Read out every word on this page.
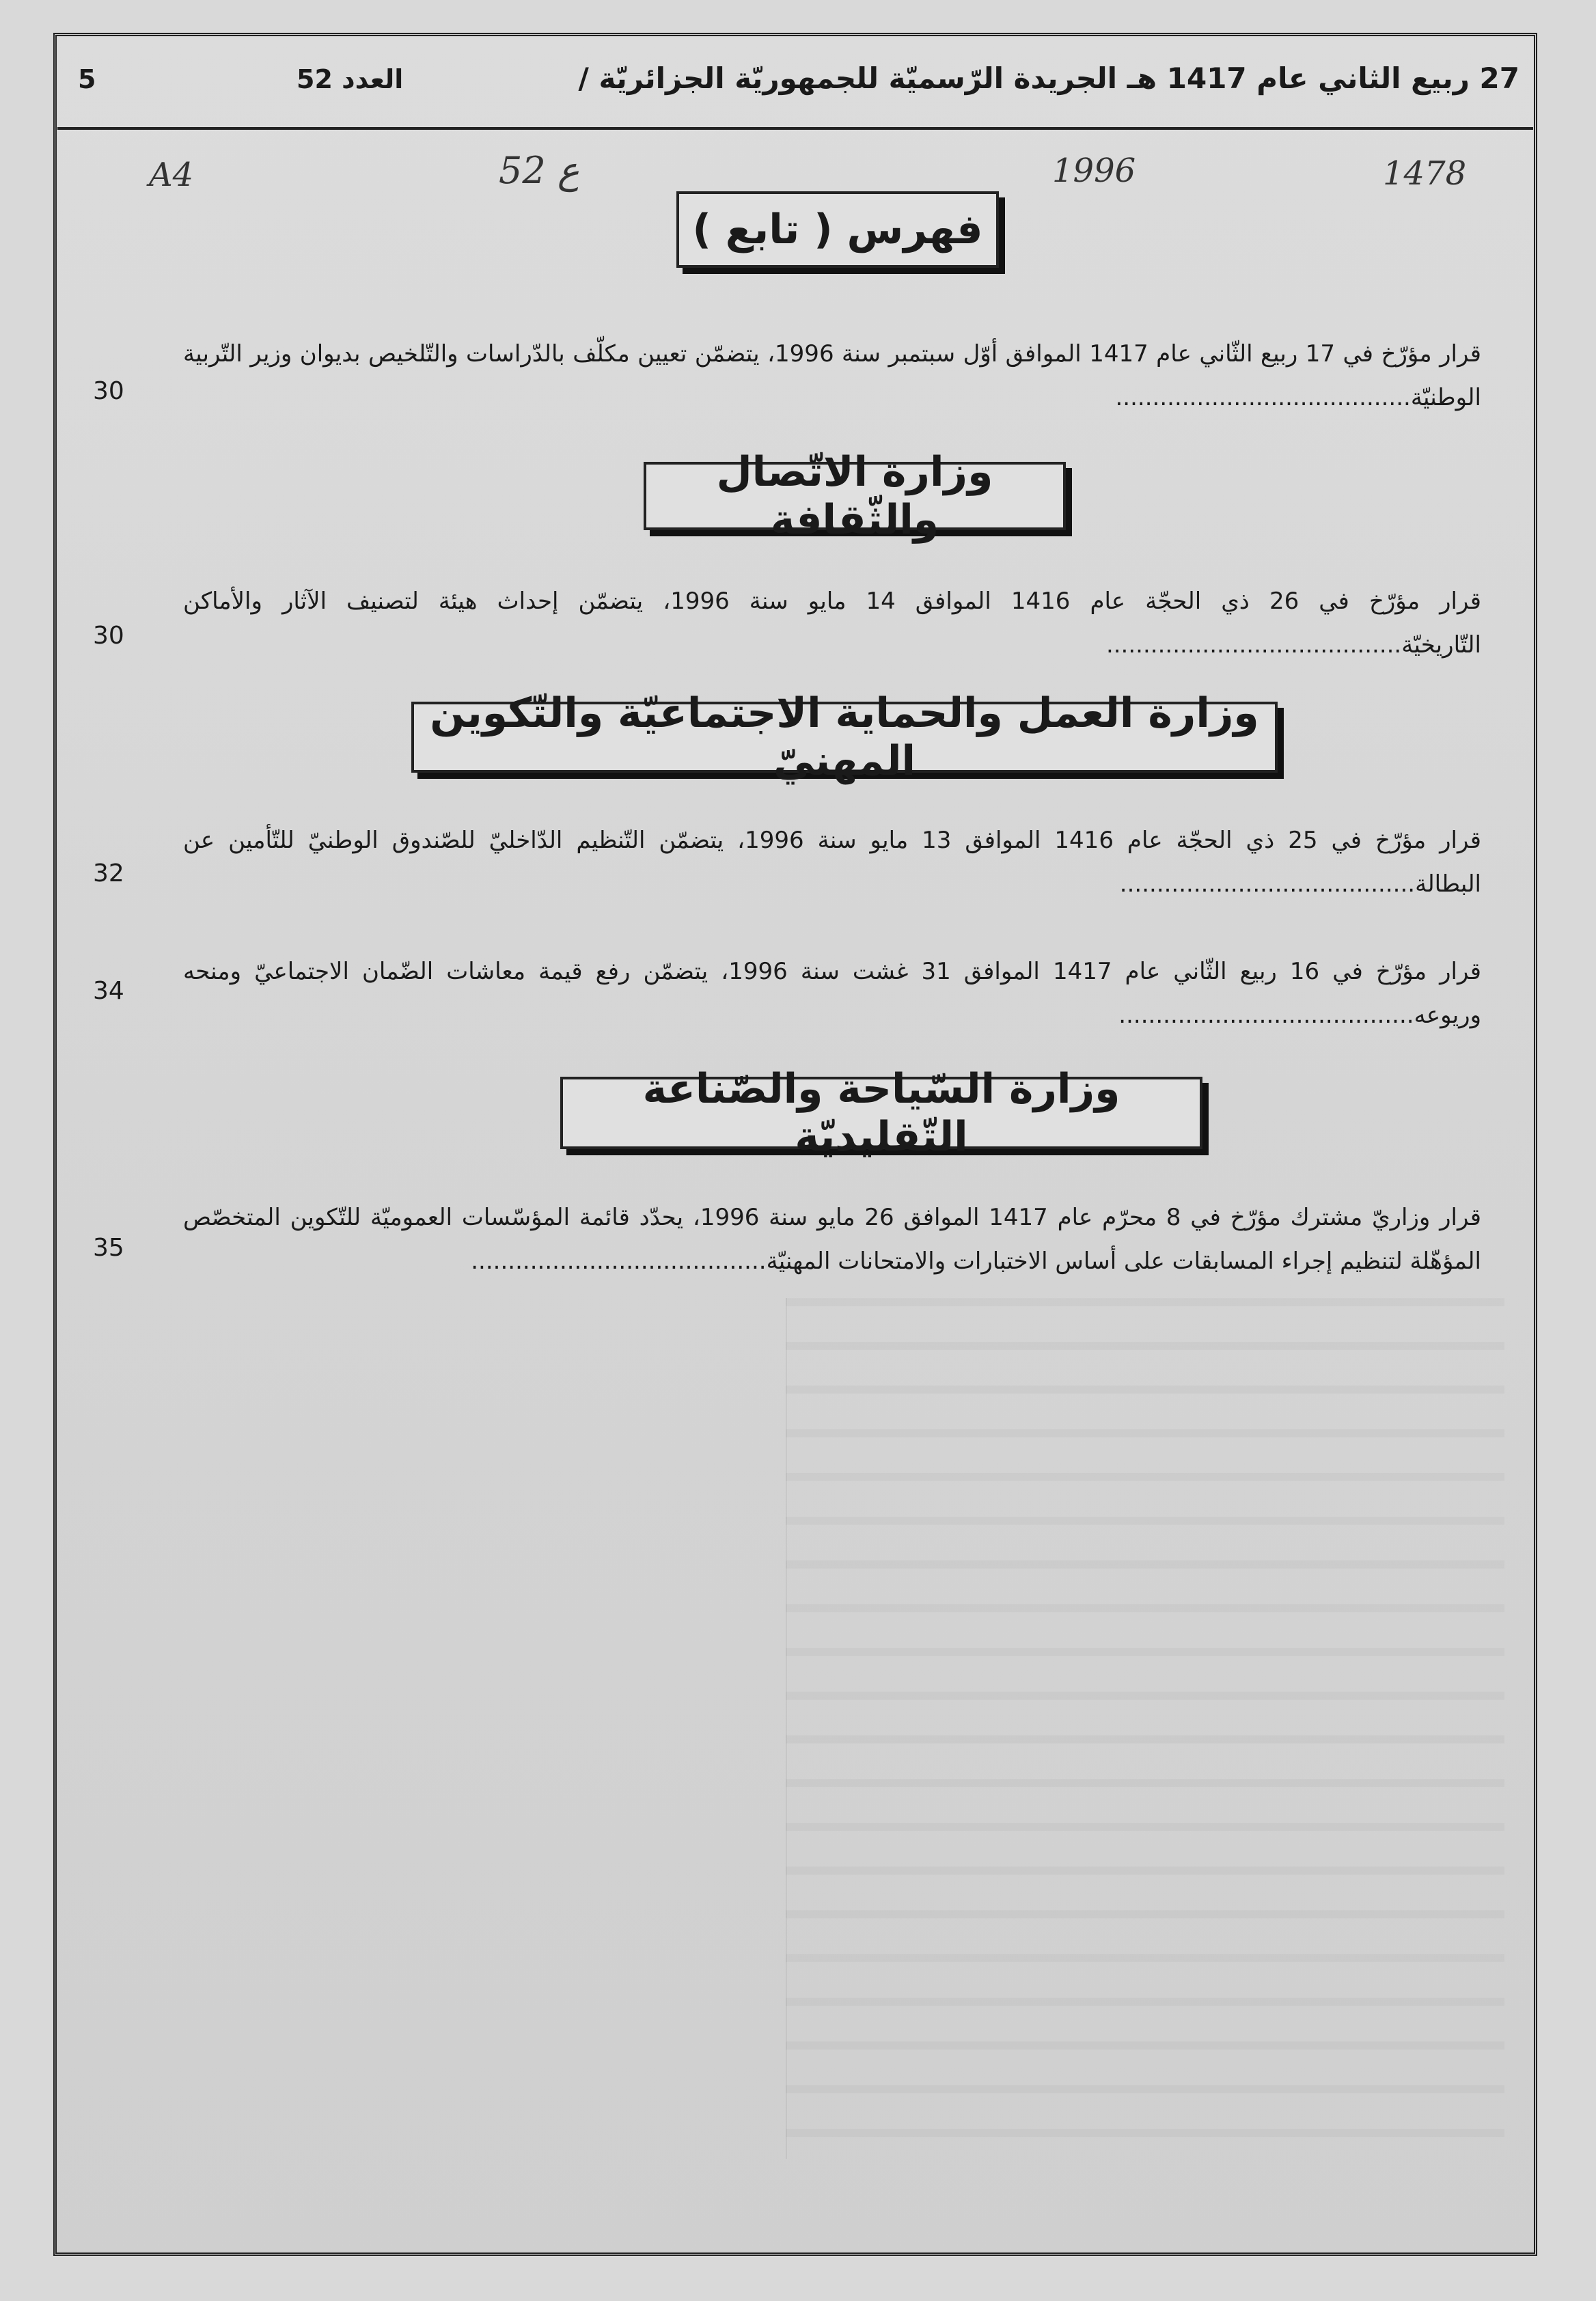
5	العدد 52	27 ربيع الثاني عام 1417 هـ الجريدة الرّسميّة للجمهوريّة الجزائريّة /
A4	ع 52	1996	1478
فهرس ( تابع )
قرار مؤرّخ في 17 ربيع الثّاني عام 1417 الموافق أوّل سبتمبر سنة 1996، يتضمّن تعيين مكلّف بالدّراسات والتّلخيص بديوان وزير التّربية الوطنيّة........................................
30
وزارة الاتّصال والثّقافة
قرار مؤرّخ في 26 ذي الحجّة عام 1416 الموافق 14 مايو سنة 1996، يتضمّن إحداث هيئة لتصنيف الآثار والأماكن التّاريخيّة........................................
30
وزارة العمل والحماية الاجتماعيّة والتّكوين المهنيّ
قرار مؤرّخ في 25 ذي الحجّة عام 1416 الموافق 13 مايو سنة 1996، يتضمّن التّنظيم الدّاخليّ للصّندوق الوطنيّ للتّأمين عن البطالة........................................
32
قرار مؤرّخ في 16 ربيع الثّاني عام 1417 الموافق 31 غشت سنة 1996، يتضمّن رفع قيمة معاشات الضّمان الاجتماعيّ ومنحه وريوعه........................................
34
وزارة السّياحة والصّناعة التّقليديّة
قرار وزاريّ مشترك مؤرّخ في 8 محرّم عام 1417 الموافق 26 مايو سنة 1996، يحدّد قائمة المؤسّسات العموميّة للتّكوين المتخصّص المؤهّلة لتنظيم إجراء المسابقات على أساس الاختبارات والامتحانات المهنيّة........................................
35
